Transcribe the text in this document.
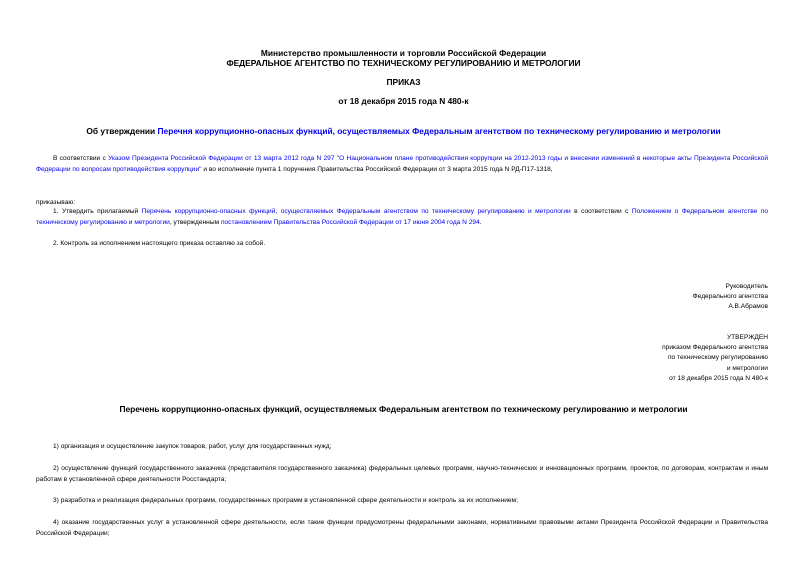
Министерство промышленности и торговли Российской Федерации
ФЕДЕРАЛЬНОЕ АГЕНТСТВО ПО ТЕХНИЧЕСКОМУ РЕГУЛИРОВАНИЮ И МЕТРОЛОГИИ
ПРИКАЗ
от 18 декабря 2015 года N 480-к
Об утверждении Перечня коррупционно-опасных функций, осуществляемых Федеральным агентством по техническому регулированию и метрологии
В соответствии с Указом Президента Российской Федерации от 13 марта 2012 года N 297 "О Национальном плане противодействия коррупции на 2012-2013 годы и внесении изменений в некоторые акты Президента Российской Федерации по вопросам противодействия коррупции" и во исполнение пункта 1 поручения Правительства Российской Федерации от 3 марта 2015 года N РД-П17-1318,
приказываю:
1. Утвердить прилагаемый Перечень коррупционно-опасных функций, осуществляемых Федеральным агентством по техническому регулированию и метрологии в соответствии с Положением о Федеральном агентстве по техническому регулированию и метрологии, утвержденным постановлением Правительства Российской Федерации от 17 июня 2004 года N 294.
2. Контроль за исполнением настоящего приказа оставляю за собой.
Руководитель
Федерального агентства
А.В.Абрамов
УТВЕРЖДЕН
приказом Федерального агентства
по техническому регулированию
и метрологии
от 18 декабря 2015 года N 480-к
Перечень коррупционно-опасных функций, осуществляемых Федеральным агентством по техническому регулированию и метрологии
1) организация и осуществление закупок товаров, работ, услуг для государственных нужд;
2) осуществление функций государственного заказчика (представителя государственного заказчика) федеральных целевых программ, научно-технических и инновационных программ, проектов, по договорам, контрактам и иным работам в установленной сфере деятельности Росстандарта;
3) разработка и реализация федеральных программ, государственных программ в установленной сфере деятельности и контроль за их исполнением;
4) оказание государственных услуг в установленной сфере деятельности, если такие функции предусмотрены федеральными законами, нормативными правовыми актами Президента Российской Федерации и Правительства Российской Федерации;
